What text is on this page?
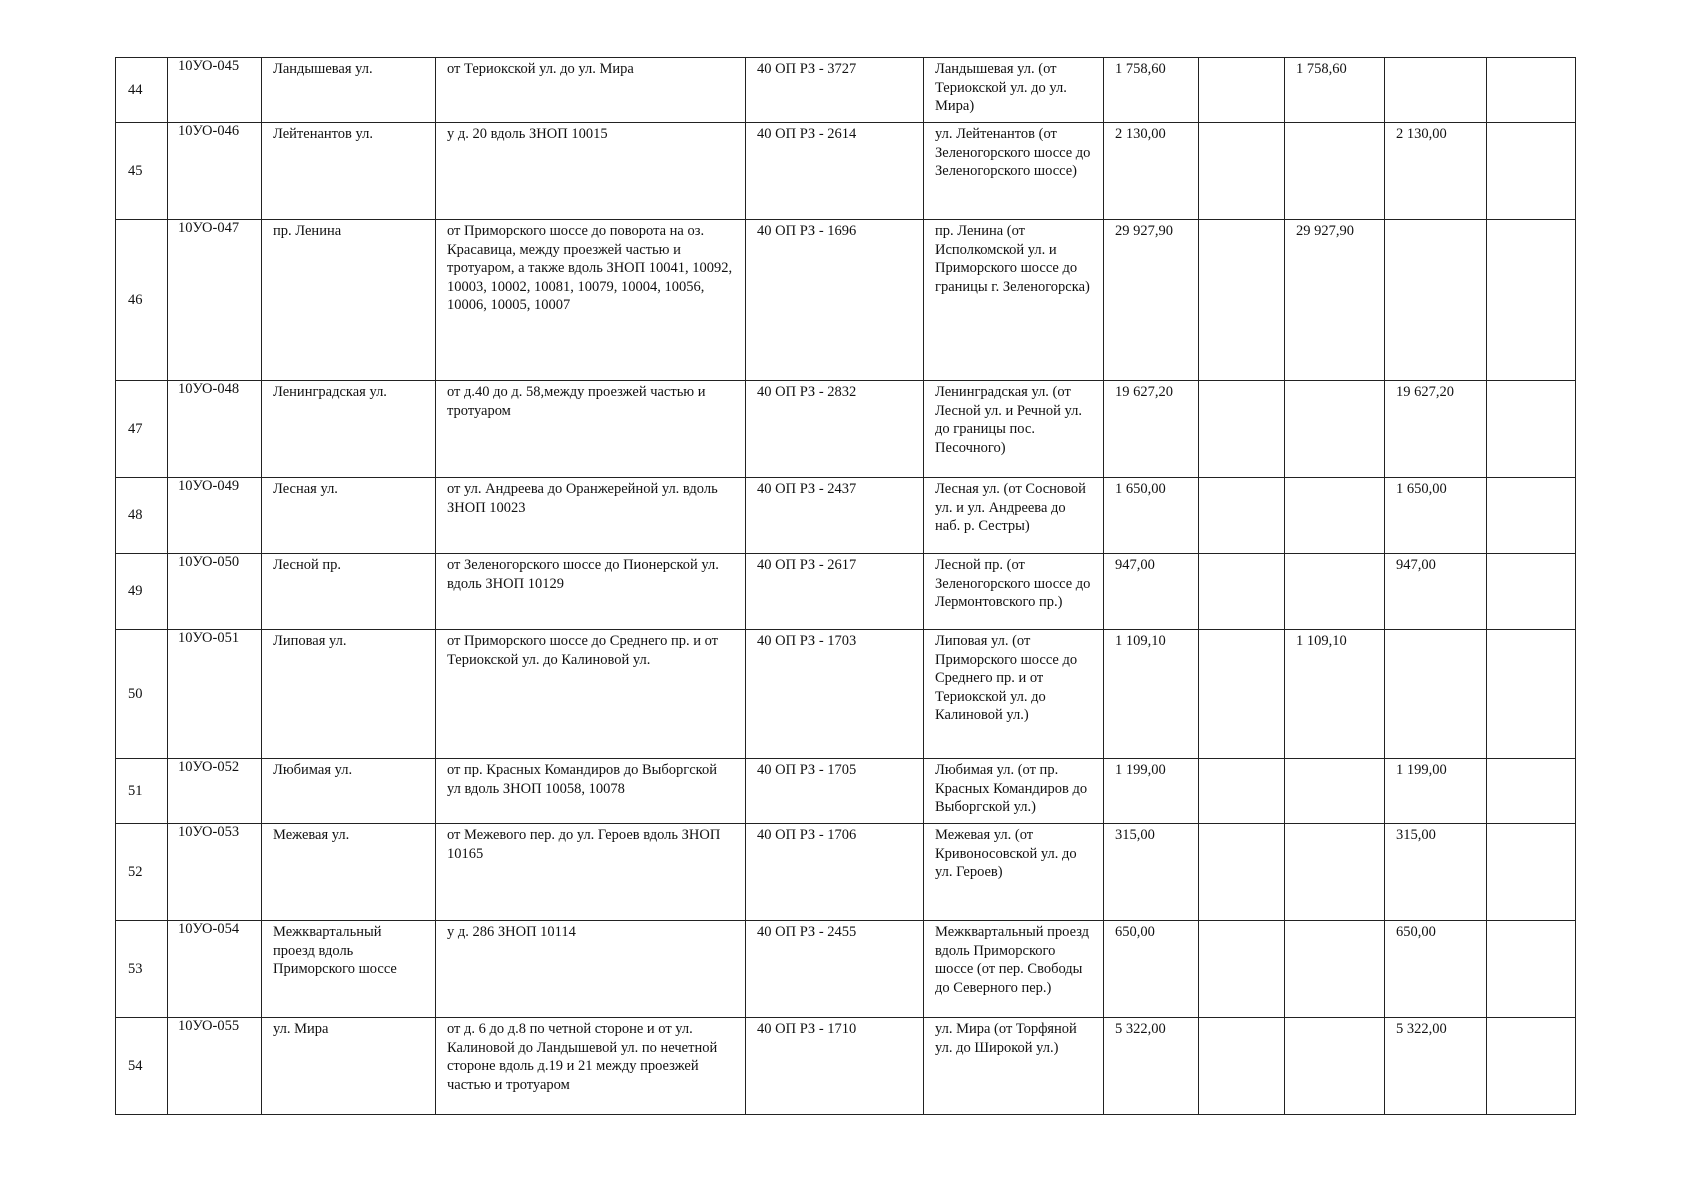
44	10УО-045	Ландышевая ул.	от Териокской ул. до ул. Мира	40 ОП РЗ - 3727	Ландышевая ул. (от Териокской ул. до ул. Мира)	1 758,60		1 758,60		
45	10УО-046	Лейтенантов ул.	у д. 20 вдоль ЗНОП 10015	40 ОП РЗ - 2614	ул. Лейтенантов (от Зеленогорского шоссе до Зеленогорского шоссе)	2 130,00			2 130,00	
46	10УО-047	пр. Ленина	от Приморского шоссе до поворота на оз. Красавица, между проезжей частью и тротуаром, а также вдоль ЗНОП 10041, 10092, 10003, 10002, 10081, 10079, 10004, 10056, 10006, 10005, 10007	40 ОП РЗ - 1696	пр. Ленина (от Исполкомской ул. и Приморского шоссе до границы г. Зеленогорска)	29 927,90		29 927,90		
47	10УО-048	Ленинградская ул.	от д.40 до д. 58,между проезжей частью и тротуаром	40 ОП РЗ - 2832	Ленинградская ул. (от Лесной ул. и Речной ул. до границы пос. Песочного)	19 627,20			19 627,20	
48	10УО-049	Лесная ул.	от ул. Андреева до Оранжерейной ул. вдоль ЗНОП 10023	40 ОП РЗ - 2437	Лесная ул. (от Сосновой ул. и ул. Андреева до наб. р. Сестры)	1 650,00			1 650,00	
49	10УО-050	Лесной пр.	от Зеленогорского шоссе до Пионерской ул. вдоль ЗНОП 10129	40 ОП РЗ - 2617	Лесной пр. (от Зеленогорского шоссе до Лермонтовского пр.)	947,00			947,00	
50	10УО-051	Липовая ул.	от Приморского шоссе до Среднего пр. и от Териокской ул. до Калиновой ул.	40 ОП РЗ - 1703	Липовая ул. (от Приморского шоссе до Среднего пр. и от Териокской ул. до Калиновой ул.)	1 109,10		1 109,10		
51	10УО-052	Любимая ул.	от пр. Красных Командиров до Выборгской ул вдоль ЗНОП 10058, 10078	40 ОП РЗ - 1705	Любимая ул. (от пр. Красных Командиров до Выборгской ул.)	1 199,00			1 199,00	
52	10УО-053	Межевая ул.	от Межевого пер. до ул. Героев вдоль ЗНОП 10165	40 ОП РЗ - 1706	Межевая ул. (от Кривоносовской ул. до ул. Героев)	315,00			315,00	
53	10УО-054	Межквартальный проезд вдоль Приморского шоссе	у д. 286 ЗНОП 10114	40 ОП РЗ - 2455	Межквартальный проезд вдоль Приморского шоссе (от пер. Свободы до Северного пер.)	650,00			650,00	
54	10УО-055	ул. Мира	от д. 6 до д.8 по четной стороне и от ул. Калиновой до Ландышевой ул. по нечетной стороне вдоль д.19 и 21 между проезжей частью и тротуаром	40 ОП РЗ - 1710	ул. Мира (от Торфяной ул. до Широкой ул.)	5 322,00			5 322,00	
